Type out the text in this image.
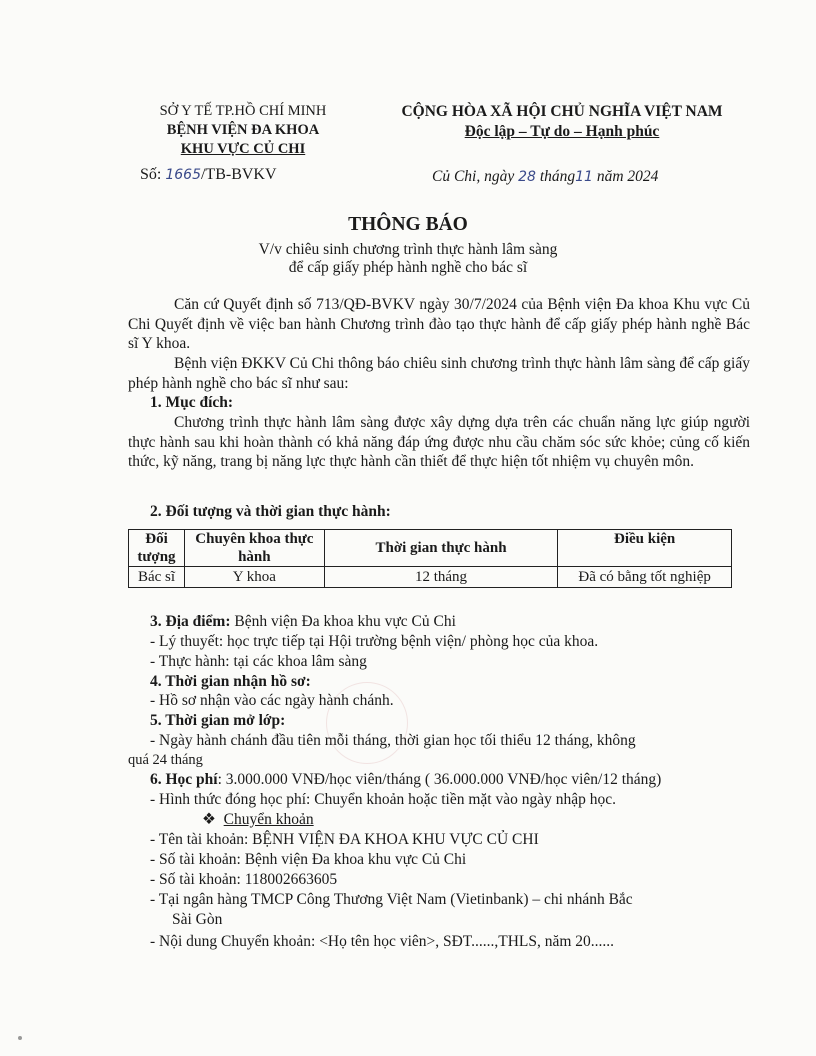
SỞ Y TẾ TP.HỒ CHÍ MINH
BỆNH VIỆN ĐA KHOA
KHU VỰC CỦ CHI
CỘNG HÒA XÃ HỘI CHỦ NGHĨA VIỆT NAM
Độc lập – Tự do – Hạnh phúc
Số: 1665/TB-BVKV	Củ Chi, ngày 28 tháng11 năm 2024
THÔNG BÁO
V/v chiêu sinh chương trình thực hành lâm sàng
để cấp giấy phép hành nghề cho bác sĩ
Căn cứ Quyết định số 713/QĐ-BVKV ngày 30/7/2024 của Bệnh viện Đa khoa Khu vực Củ Chi Quyết định về việc ban hành Chương trình đào tạo thực hành để cấp giấy phép hành nghề Bác sĩ Y khoa.
Bệnh viện ĐKKV Củ Chi thông báo chiêu sinh chương trình thực hành lâm sàng để cấp giấy phép hành nghề cho bác sĩ như sau:
1. Mục đích:
Chương trình thực hành lâm sàng được xây dựng dựa trên các chuẩn năng lực giúp người thực hành sau khi hoàn thành có khả năng đáp ứng được nhu cầu chăm sóc sức khỏe; củng cố kiến thức, kỹ năng, trang bị năng lực thực hành cần thiết để thực hiện tốt nhiệm vụ chuyên môn.
2. Đối tượng và thời gian thực hành:
Đối tượng	Chuyên khoa thực hành	Thời gian thực hành	Điều kiện
Bác sĩ	Y khoa	12 tháng	Đã có bằng tốt nghiệp
3. Địa điểm: Bệnh viện Đa khoa khu vực Củ Chi
- Lý thuyết: học trực tiếp tại Hội trường bệnh viện/ phòng học của khoa.
- Thực hành: tại các khoa lâm sàng
4. Thời gian nhận hồ sơ:
- Hồ sơ nhận vào các ngày hành chánh.
5. Thời gian mở lớp:
- Ngày hành chánh đầu tiên mỗi tháng, thời gian học tối thiểu 12 tháng, không
quá 24 tháng
6. Học phí: 3.000.000 VNĐ/học viên/tháng ( 36.000.000 VNĐ/học viên/12 tháng)
- Hình thức đóng học phí: Chuyển khoản hoặc tiền mặt vào ngày nhập học.
❖ Chuyển khoản
- Tên tài khoản: BỆNH VIỆN ĐA KHOA KHU VỰC CỦ CHI
- Số tài khoản: Bệnh viện Đa khoa khu vực Củ Chi
- Số tài khoản: 118002663605
- Tại ngân hàng TMCP Công Thương Việt Nam (Vietinbank) – chi nhánh Bắc
Sài Gòn
- Nội dung Chuyển khoản: <Họ tên học viên>, SĐT......,THLS, năm 20......
